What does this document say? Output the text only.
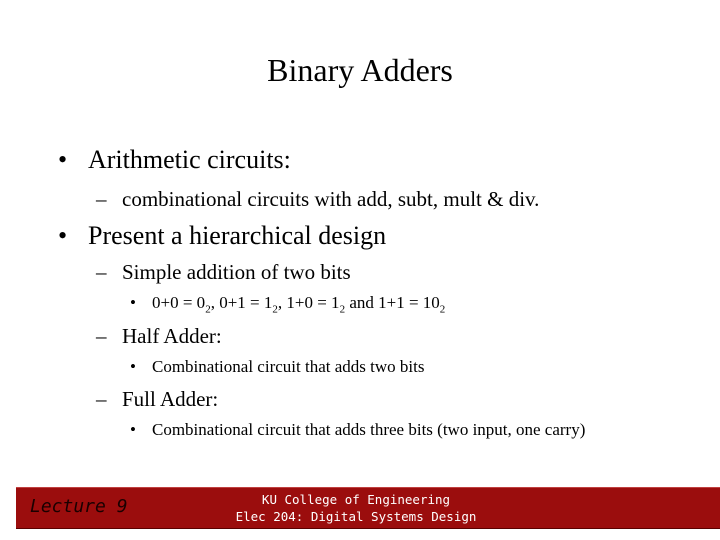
Binary Adders
• Arithmetic circuits:
– combinational circuits with add, subt, mult & div.
• Present a hierarchical design
– Simple addition of two bits
• $0+0 = 0_2$, $0+1 = 1_2$, $1+0 = 1_2$ and $1+1 = 10_2$
– Half Adder:
• Combinational circuit that adds two bits
– Full Adder:
• Combinational circuit that adds three bits (two input, one carry)
Lecture 9	KU College of Engineering
Elec 204: Digital Systems Design
